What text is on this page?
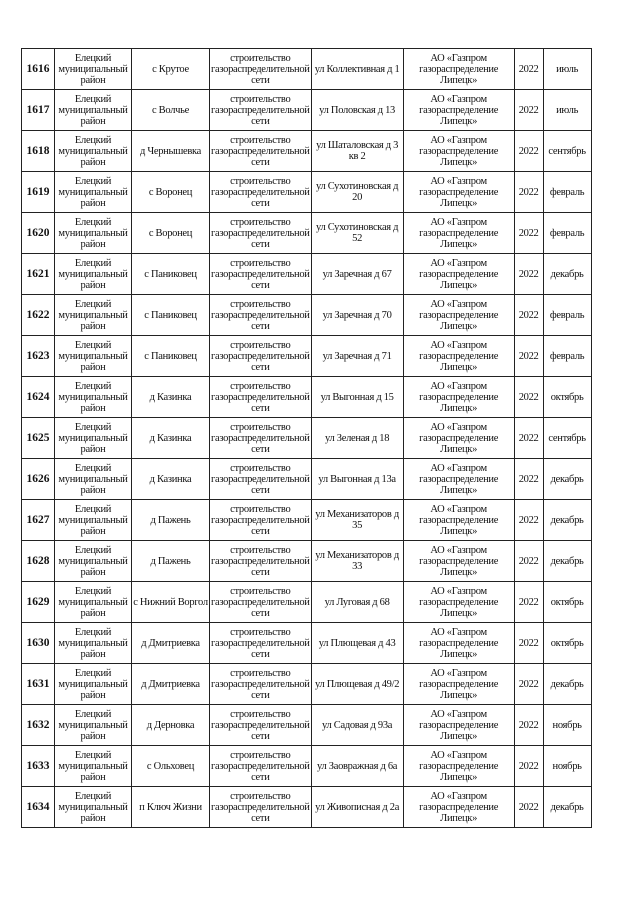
1616	Елецкий муниципальный район	с Крутое	строительство газораспределительной сети	ул Коллективная д 1	АО «Газпром газораспределение Липецк»	2022	июль
1617	Елецкий муниципальный район	с Волчье	строительство газораспределительной сети	ул Половская д 13	АО «Газпром газораспределение Липецк»	2022	июль
1618	Елецкий муниципальный район	д Чернышевка	строительство газораспределительной сети	ул Шаталовская д 3 кв 2	АО «Газпром газораспределение Липецк»	2022	сентябрь
1619	Елецкий муниципальный район	с Воронец	строительство газораспределительной сети	ул Сухотиновская д 20	АО «Газпром газораспределение Липецк»	2022	февраль
1620	Елецкий муниципальный район	с Воронец	строительство газораспределительной сети	ул Сухотиновская д 52	АО «Газпром газораспределение Липецк»	2022	февраль
1621	Елецкий муниципальный район	с Паниковец	строительство газораспределительной сети	ул Заречная д 67	АО «Газпром газораспределение Липецк»	2022	декабрь
1622	Елецкий муниципальный район	с Паниковец	строительство газораспределительной сети	ул Заречная д 70	АО «Газпром газораспределение Липецк»	2022	февраль
1623	Елецкий муниципальный район	с Паниковец	строительство газораспределительной сети	ул Заречная д 71	АО «Газпром газораспределение Липецк»	2022	февраль
1624	Елецкий муниципальный район	д Казинка	строительство газораспределительной сети	ул Выгонная д 15	АО «Газпром газораспределение Липецк»	2022	октябрь
1625	Елецкий муниципальный район	д Казинка	строительство газораспределительной сети	ул Зеленая д 18	АО «Газпром газораспределение Липецк»	2022	сентябрь
1626	Елецкий муниципальный район	д Казинка	строительство газораспределительной сети	ул Выгонная д 13а	АО «Газпром газораспределение Липецк»	2022	декабрь
1627	Елецкий муниципальный район	д Пажень	строительство газораспределительной сети	ул Механизаторов д 35	АО «Газпром газораспределение Липецк»	2022	декабрь
1628	Елецкий муниципальный район	д Пажень	строительство газораспределительной сети	ул Механизаторов д 33	АО «Газпром газораспределение Липецк»	2022	декабрь
1629	Елецкий муниципальный район	с Нижний Воргол	строительство газораспределительной сети	ул Луговая д 68	АО «Газпром газораспределение Липецк»	2022	октябрь
1630	Елецкий муниципальный район	д Дмитриевка	строительство газораспределительной сети	ул Плющевая д 43	АО «Газпром газораспределение Липецк»	2022	октябрь
1631	Елецкий муниципальный район	д Дмитриевка	строительство газораспределительной сети	ул Плющевая д 49/2	АО «Газпром газораспределение Липецк»	2022	декабрь
1632	Елецкий муниципальный район	д Дерновка	строительство газораспределительной сети	ул Садовая д 93а	АО «Газпром газораспределение Липецк»	2022	ноябрь
1633	Елецкий муниципальный район	с Ольховец	строительство газораспределительной сети	ул Заовражная д 6а	АО «Газпром газораспределение Липецк»	2022	ноябрь
1634	Елецкий муниципальный район	п Ключ Жизни	строительство газораспределительной сети	ул Живописная д 2а	АО «Газпром газораспределение Липецк»	2022	декабрь
